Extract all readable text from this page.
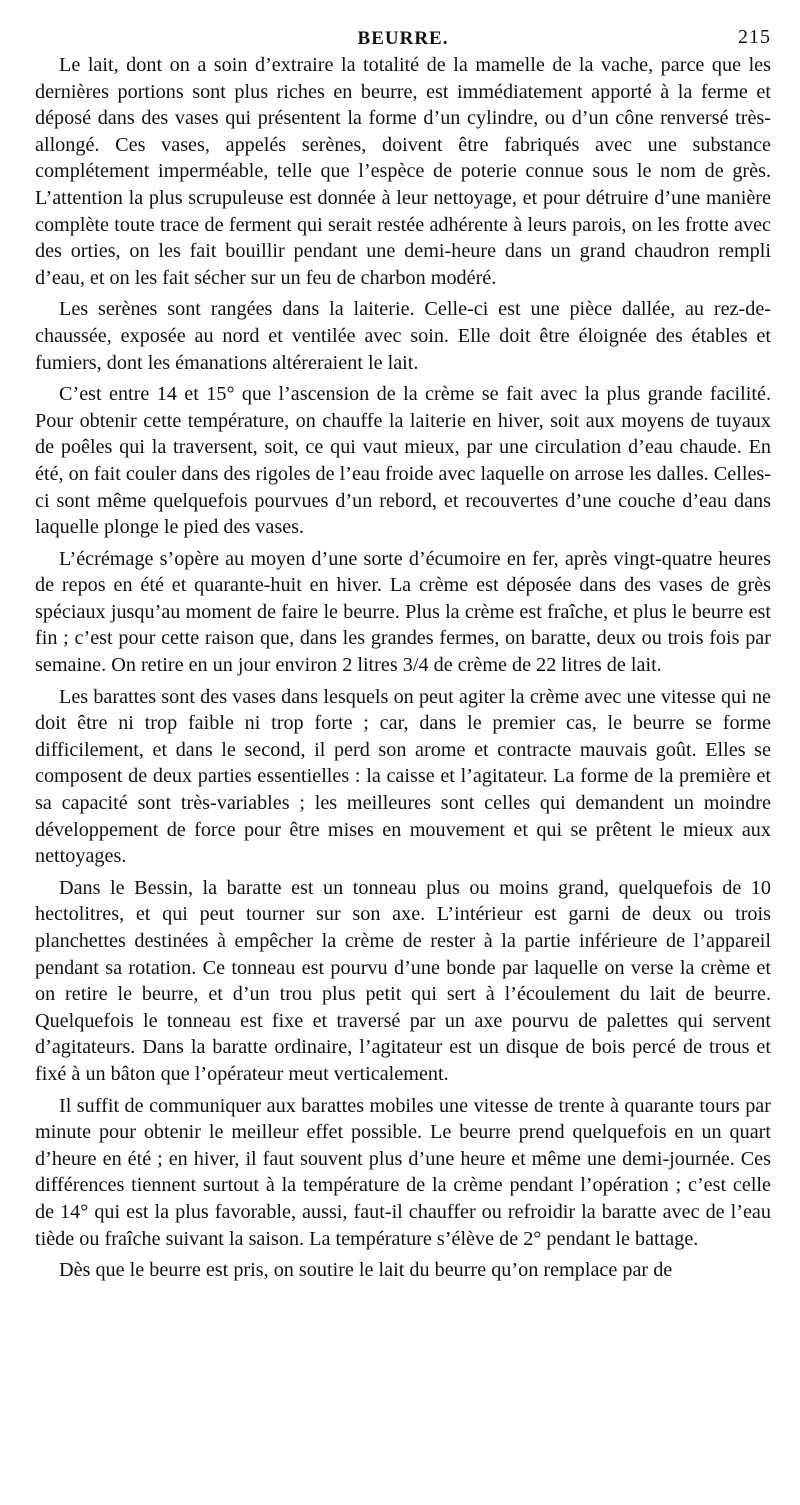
BEURRE.	215

Le lait, dont on a soin d’extraire la totalité de la mamelle de la vache, parce que les dernières portions sont plus riches en beurre, est immédiatement apporté à la ferme et déposé dans des vases qui présentent la forme d’un cylindre, ou d’un cône renversé très-allongé. Ces vases, appelés serènes, doivent être fabriqués avec une substance complétement imperméable, telle que l’espèce de poterie connue sous le nom de grès. L’attention la plus scrupuleuse est donnée à leur nettoyage, et pour détruire d’une manière complète toute trace de ferment qui serait restée adhérente à leurs parois, on les frotte avec des orties, on les fait bouillir pendant une demi-heure dans un grand chaudron rempli d’eau, et on les fait sécher sur un feu de charbon modéré.

Les serènes sont rangées dans la laiterie. Celle-ci est une pièce dallée, au rez-de-chaussée, exposée au nord et ventilée avec soin. Elle doit être éloignée des étables et fumiers, dont les émanations altéreraient le lait.

C’est entre 14 et 15° que l’ascension de la crème se fait avec la plus grande facilité. Pour obtenir cette température, on chauffe la laiterie en hiver, soit aux moyens de tuyaux de poêles qui la traversent, soit, ce qui vaut mieux, par une circulation d’eau chaude. En été, on fait couler dans des rigoles de l’eau froide avec laquelle on arrose les dalles. Celles-ci sont même quelquefois pourvues d’un rebord, et recouvertes d’une couche d’eau dans laquelle plonge le pied des vases.

L’écrémage s’opère au moyen d’une sorte d’écumoire en fer, après vingt-quatre heures de repos en été et quarante-huit en hiver. La crème est déposée dans des vases de grès spéciaux jusqu’au moment de faire le beurre. Plus la crème est fraîche, et plus le beurre est fin ; c’est pour cette raison que, dans les grandes fermes, on baratte, deux ou trois fois par semaine. On retire en un jour environ 2 litres 3/4 de crème de 22 litres de lait.

Les barattes sont des vases dans lesquels on peut agiter la crème avec une vitesse qui ne doit être ni trop faible ni trop forte ; car, dans le premier cas, le beurre se forme difficilement, et dans le second, il perd son arome et contracte mauvais goût. Elles se composent de deux parties essentielles : la caisse et l’agitateur. La forme de la première et sa capacité sont très-variables ; les meilleures sont celles qui demandent un moindre développement de force pour être mises en mouvement et qui se prêtent le mieux aux nettoyages.

Dans le Bessin, la baratte est un tonneau plus ou moins grand, quelquefois de 10 hectolitres, et qui peut tourner sur son axe. L’intérieur est garni de deux ou trois planchettes destinées à empêcher la crème de rester à la partie inférieure de l’appareil pendant sa rotation. Ce tonneau est pourvu d’une bonde par laquelle on verse la crème et on retire le beurre, et d’un trou plus petit qui sert à l’écoulement du lait de beurre. Quelquefois le tonneau est fixe et traversé par un axe pourvu de palettes qui servent d’agitateurs. Dans la baratte ordinaire, l’agitateur est un disque de bois percé de trous et fixé à un bâton que l’opérateur meut verticalement.

Il suffit de communiquer aux barattes mobiles une vitesse de trente à quarante tours par minute pour obtenir le meilleur effet possible. Le beurre prend quelquefois en un quart d’heure en été ; en hiver, il faut souvent plus d’une heure et même une demi-journée. Ces différences tiennent surtout à la température de la crème pendant l’opération ; c’est celle de 14° qui est la plus favorable, aussi, faut-il chauffer ou refroidir la baratte avec de l’eau tiède ou fraîche suivant la saison. La température s’élève de 2° pendant le battage.

Dès que le beurre est pris, on soutire le lait du beurre qu’on remplace par de
